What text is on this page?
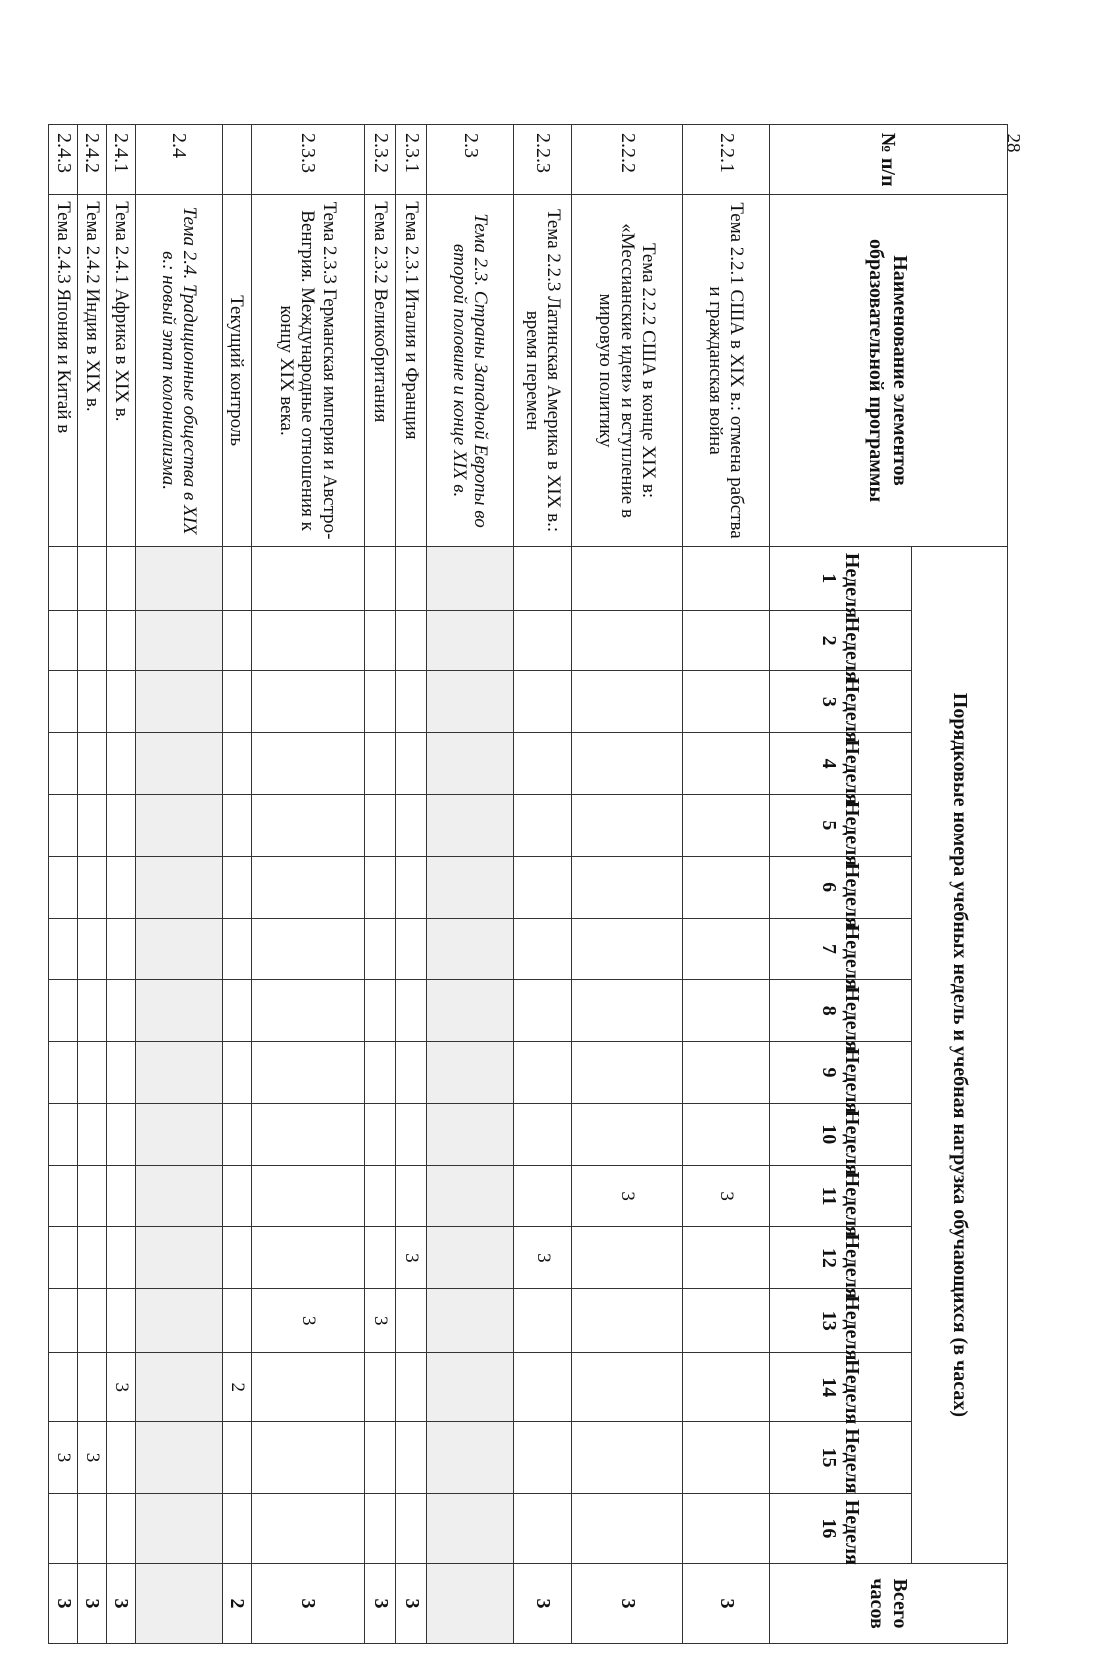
28
№ п/п	Наименование элементов образовательной программы	Порядковые номера учебных недель и учебная нагрузка обучающихся (в часах)																Всего часов
		Неделя 1	Неделя 2	Неделя 3	Неделя 4	Неделя 5	Неделя 6	Неделя 7	Неделя 8	Неделя 9	Неделя 10	Неделя 11	Неделя 12	Неделя 13	Неделя 14	Неделя 15	Неделя 16	
2.2.1	Тема 2.2.1 США в XIX в.: отмена рабства и гражданская война											3						3
2.2.2	Тема 2.2.2 США в конце XIX в: «Мессианские идеи» и вступление в мировую политику											3						3
2.2.3	Тема 2.2.3 Латинская Америка в XIX в.: время перемен												3					3
2.3	Тема 2.3. Страны Западной Европы во второй половине и конце XIX в.																	
2.3.1	Тема 2.3.1 Италия и Франция												3					3
2.3.2	Тема 2.3.2 Великобритания													3				3
2.3.3	Тема 2.3.3 Германская империя и Австро-Венгрия. Международные отношения к концу XIX века.													3				3
	Текущий контроль														2			2
2.4	Тема 2.4. Традиционные общества в XIX в.: новый этап колониализма.																	
2.4.1	Тема 2.4.1 Африка в XIX в.														3			3
2.4.2	Тема 2.4.2 Индия в XIX в.															3		3
2.4.3	Тема 2.4.3 Япония и Китай в															3		3
